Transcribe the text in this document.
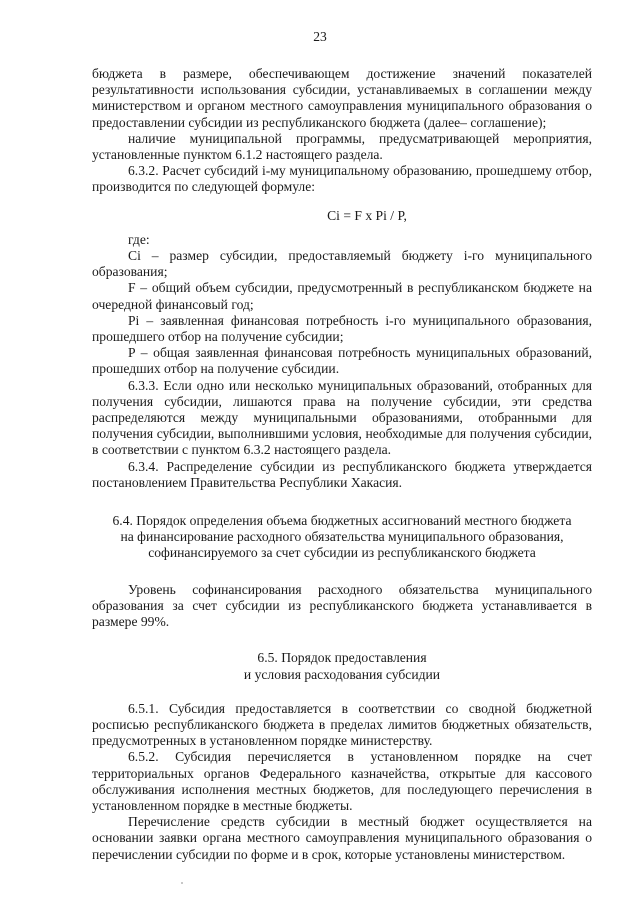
23

бюджета в размере, обеспечивающем достижение значений показателей результативности использования субсидии, устанавливаемых в соглашении между министерством и органом местного самоуправления муниципального образования о предоставлении субсидии из республиканского бюджета (далее– соглашение);

наличие муниципальной программы, предусматривающей мероприятия, установленные пунктом 6.1.2 настоящего раздела.

6.3.2. Расчет субсидий i-му муниципальному образованию, прошедшему отбор, производится по следующей формуле:

Ci = F x Pi / P,

где:

Ci – размер субсидии, предоставляемый бюджету i-го муниципального образования;

F – общий объем субсидии, предусмотренный в республиканском бюджете на очередной финансовый год;

Pi – заявленная финансовая потребность i-го муниципального образования, прошедшего отбор на получение субсидии;

P – общая заявленная финансовая потребность муниципальных образований, прошедших отбор на получение субсидии.

6.3.3. Если одно или несколько муниципальных образований, отобранных для получения субсидии, лишаются права на получение субсидии, эти средства распределяются между муниципальными образованиями, отобранными для получения субсидии, выполнившими условия, необходимые для получения субсидии, в соответствии с пунктом 6.3.2 настоящего раздела.

6.3.4. Распределение субсидии из республиканского бюджета утверждается постановлением Правительства Республики Хакасия.

6.4. Порядок определения объема бюджетных ассигнований местного бюджета

на финансирование расходного обязательства муниципального образования,

софинансируемого за счет субсидии из республиканского бюджета

Уровень софинансирования расходного обязательства муниципального образования за счет субсидии из республиканского бюджета устанавливается в размере 99%.

6.5. Порядок предоставления

и условия расходования субсидии

6.5.1. Субсидия предоставляется в соответствии со сводной бюджетной росписью республиканского бюджета в пределах лимитов бюджетных обязательств, предусмотренных в установленном порядке министерству.

6.5.2. Субсидия перечисляется в установленном порядке на счет территориальных органов Федерального казначейства, открытые для кассового обслуживания исполнения местных бюджетов, для последующего перечисления в установленном порядке в местные бюджеты.

Перечисление средств субсидии в местный бюджет осуществляется на основании заявки органа местного самоуправления муниципального образования о перечислении субсидии по форме и в срок, которые установлены министерством.
